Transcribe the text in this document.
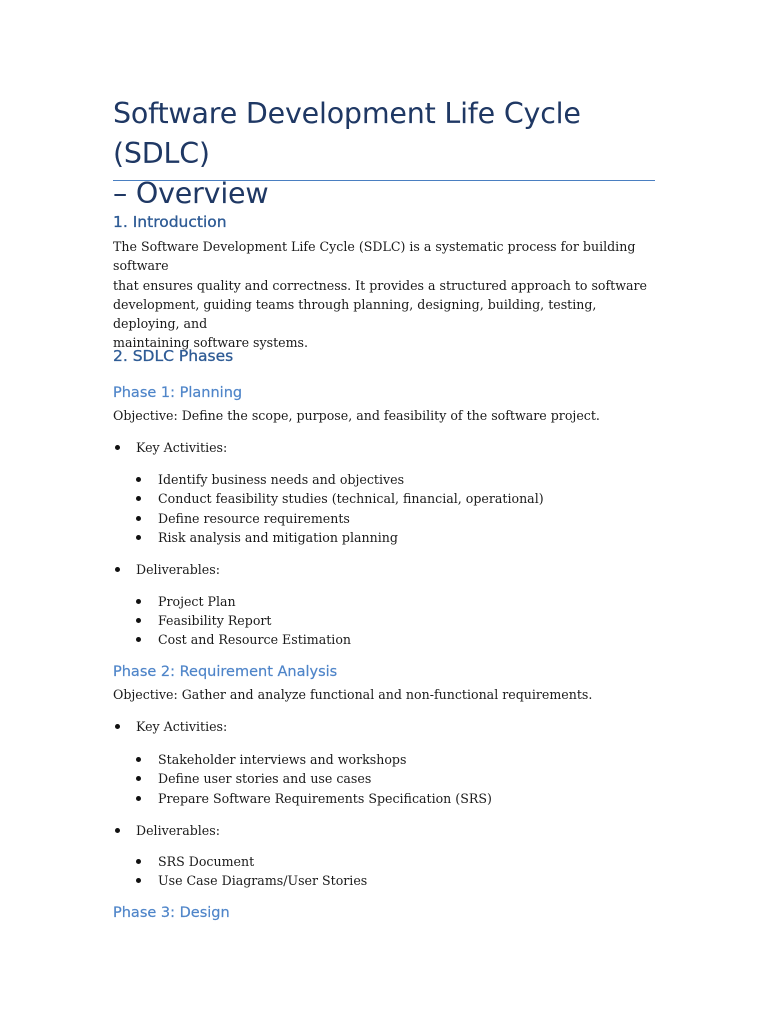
Software Development Life Cycle (SDLC)
– Overview
1. Introduction
The Software Development Life Cycle (SDLC) is a systematic process for building software
that ensures quality and correctness. It provides a structured approach to software
development, guiding teams through planning, designing, building, testing, deploying, and
maintaining software systems.
2. SDLC Phases
Phase 1: Planning
Objective: Define the scope, purpose, and feasibility of the software project.
Key Activities:
Identify business needs and objectives
Conduct feasibility studies (technical, financial, operational)
Define resource requirements
Risk analysis and mitigation planning
Deliverables:
Project Plan
Feasibility Report
Cost and Resource Estimation
Phase 2: Requirement Analysis
Objective: Gather and analyze functional and non-functional requirements.
Key Activities:
Stakeholder interviews and workshops
Define user stories and use cases
Prepare Software Requirements Specification (SRS)
Deliverables:
SRS Document
Use Case Diagrams/User Stories
Phase 3: Design
